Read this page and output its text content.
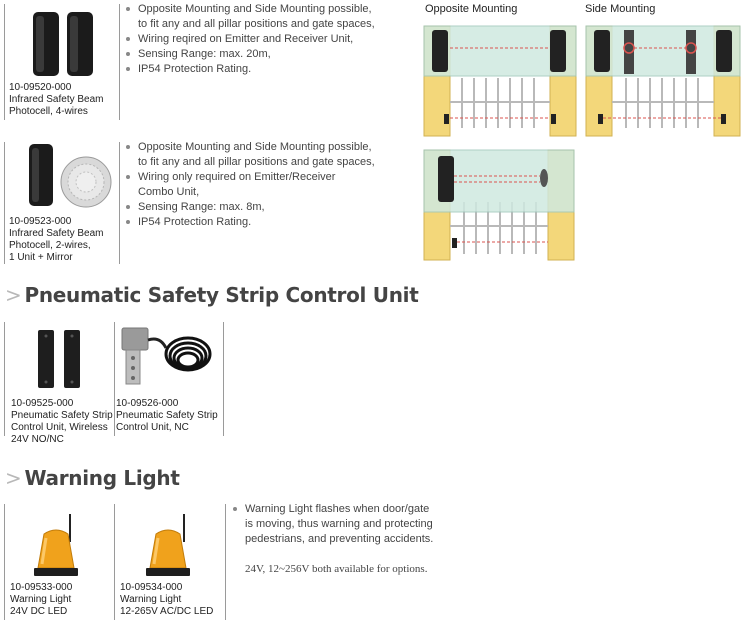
10-09520-000
Infrared Safety Beam
Photocell, 4-wires
Opposite Mounting and Side Mounting possible,
to fit any and all pillar positions and gate spaces,
Wiring reqired on Emitter and Receiver Unit,
Sensing Range: max. 20m,
IP54 Protection Rating.
10-09523-000
Infrared Safety Beam
Photocell, 2-wires,
1 Unit + Mirror
Opposite Mounting and Side Mounting possible,
to fit any and all pillar positions and gate spaces,
Wiring only required on Emitter/Receiver
Combo Unit,
Sensing Range: max. 8m,
IP54 Protection Rating.
Opposite Mounting	Side Mounting
> Pneumatic Safety Strip Control Unit
10-09525-000
Pneumatic Safety Strip
Control Unit, Wireless
24V NO/NC
10-09526-000
Pneumatic Safety Strip
Control Unit, NC
> Warning Light
10-09533-000
Warning Light
24V DC LED
10-09534-000
Warning Light
12-265V AC/DC LED
Warning Light flashes when door/gate
is moving, thus warning and protecting
pedestrians, and preventing accidents.
24V, 12~256V both available for options.
